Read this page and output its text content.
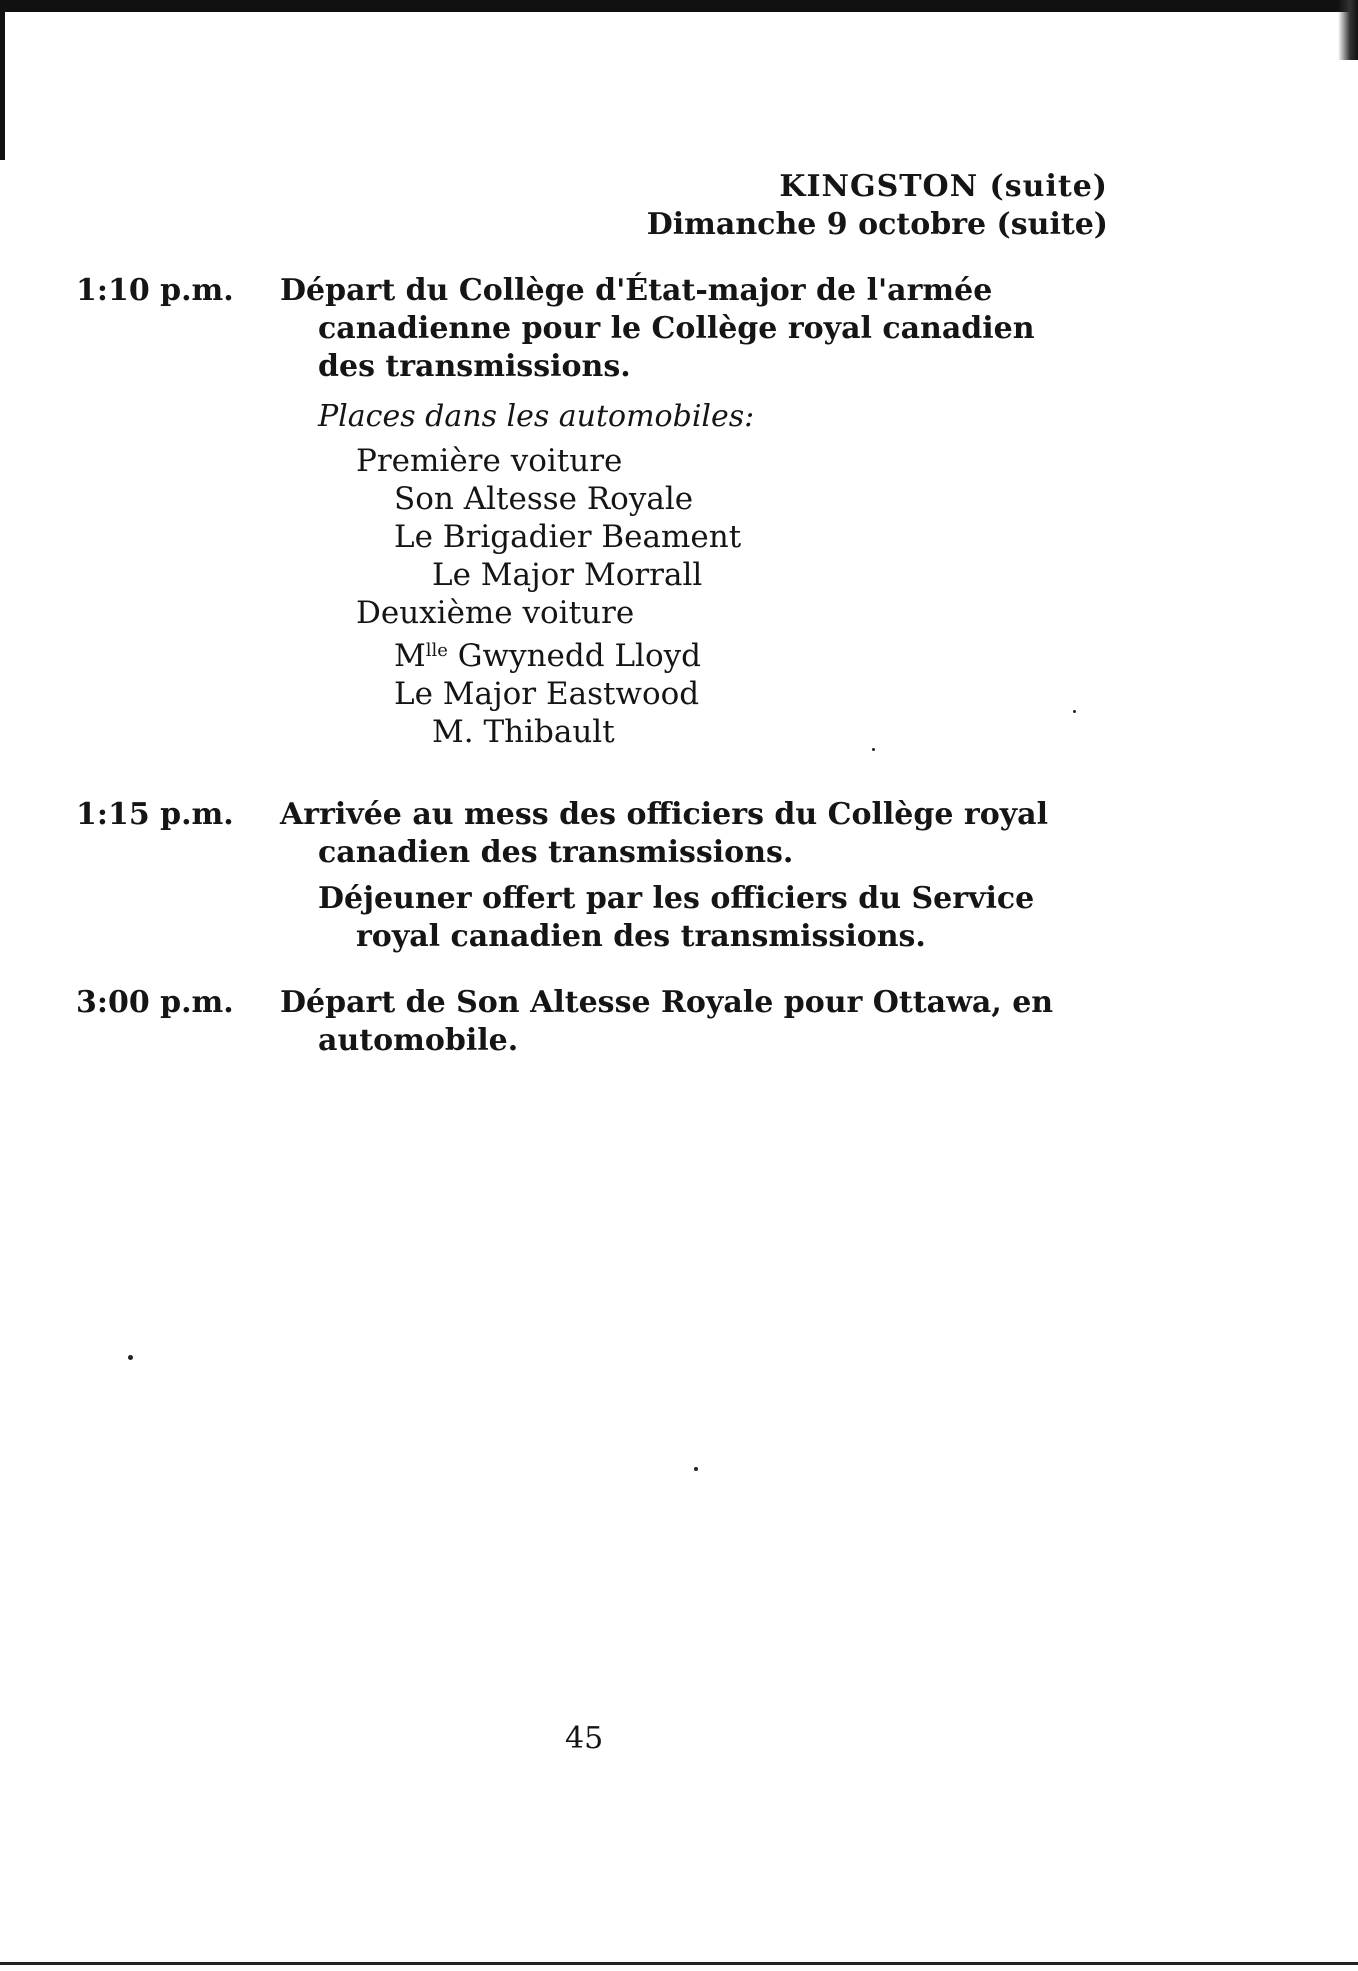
KINGSTON (suite)
Dimanche 9 octobre (suite)
1:10 p.m. Départ du Collège d'État-major de l'armée
canadienne pour le Collège royal canadien
des transmissions.
Places dans les automobiles:
Première voiture
Son Altesse Royale
Le Brigadier Beament
Le Major Morrall
Deuxième voiture
$M^{lle}$ Gwynedd Lloyd
Le Major Eastwood
M. Thibault
1:15 p.m. Arrivée au mess des officiers du Collège royal
canadien des transmissions.
Déjeuner offert par les officiers du Service
royal canadien des transmissions.
3:00 p.m. Départ de Son Altesse Royale pour Ottawa, en
automobile.
45
